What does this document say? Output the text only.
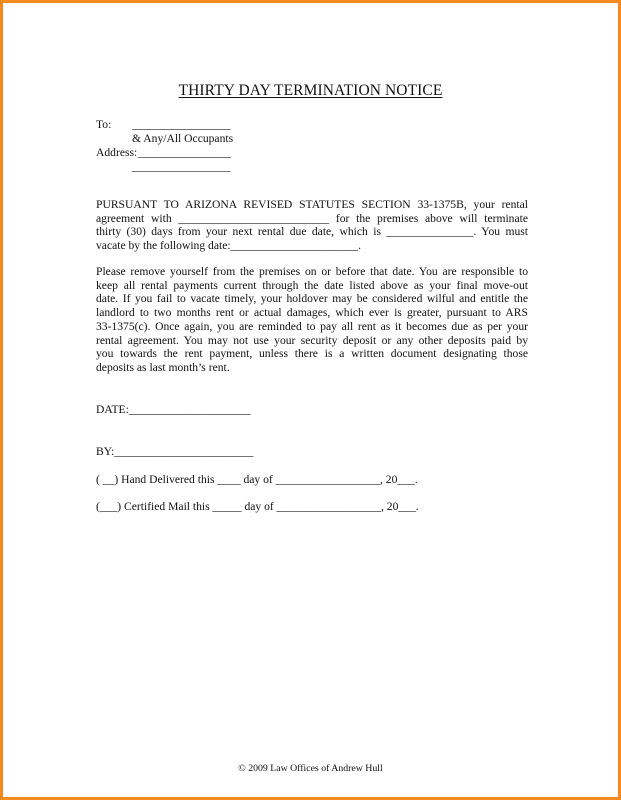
THIRTY DAY TERMINATION NOTICE
To: _________________
& Any/All Occupants
Address: ________________
_________________
PURSUANT TO ARIZONA REVISED STATUTES SECTION 33-1375B, your rental
agreement with __________________________ for the premises above will terminate
thirty (30) days from your next rental due date, which is _______________. You must
vacate by the following date:______________________.
Please remove yourself from the premises on or before that date. You are responsible to
keep all rental payments current through the date listed above as your final move-out
date. If you fail to vacate timely, your holdover may be considered wilful and entitle the
landlord to two months rent or actual damages, which ever is greater, pursuant to ARS
33-1375(c). Once again, you are reminded to pay all rent as it becomes due as per your
rental agreement. You may not use your security deposit or any other deposits paid by
you towards the rent payment, unless there is a written document designating those
deposits as last month’s rent.
DATE:_____________________
BY:________________________
( __) Hand Delivered this ____ day of __________________, 20___.
(___) Certified Mail this _____ day of __________________, 20___.
© 2009 Law Offices of Andrew Hull
